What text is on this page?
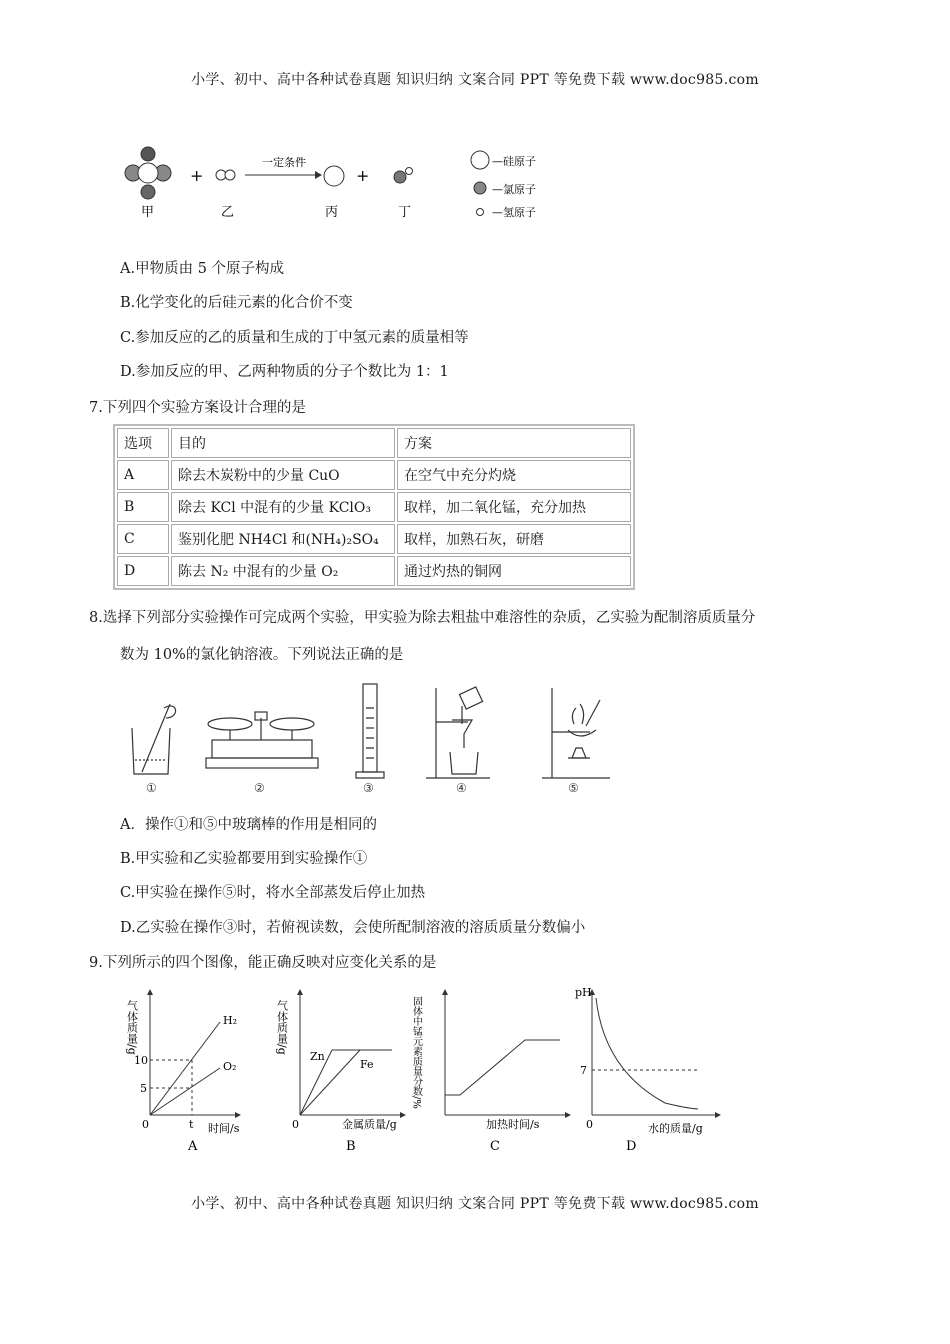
小学、初中、高中各种试卷真题 知识归纳 文案合同 PPT 等免费下载 www.doc985.com
+
一定条件
+
甲	乙	丙	丁
—硅原子
—氯原子
—氢原子
A.甲物质由 5 个原子构成
B.化学变化的后硅元素的化合价不变
C.参加反应的乙的质量和生成的丁中氢元素的质量相等
D.参加反应的甲、乙两种物质的分子个数比为 1：1
7.下列四个实验方案设计合理的是
选项	目的	方案
A	除去木炭粉中的少量 CuO	在空气中充分灼烧
B	除去 KCl 中混有的少量 KClO₃	取样，加二氧化锰，充分加热
C	鉴别化肥 NH4Cl 和(NH₄)₂SO₄	取样，加熟石灰，研磨
D	陈去 N₂ 中混有的少量 O₂	通过灼热的铜网
8.选择下列部分实验操作可完成两个实验，甲实验为除去粗盐中难溶性的杂质，乙实验为配制溶质质量分
数为 10%的氯化钠溶液。下列说法正确的是
①	②	③	④	⑤
A．操作①和⑤中玻璃棒的作用是相同的
B.甲实验和乙实验都要用到实验操作①
C.甲实验在操作⑤时，将水全部蒸发后停止加热
D.乙实验在操作③时，若俯视读数，会使所配制溶液的溶质质量分数偏小
9.下列所示的四个图像，能正确反映对应变化关系的是
气体质量/g	H₂
O₂
10
5
t
0	时间/s
A
气体质量/g
Zn
Fe
0	金属质量/g
B
固体中锰元素质量分数/%
加热时间/s
C
pH
7
0	水的质量/g
D
小学、初中、高中各种试卷真题 知识归纳 文案合同 PPT 等免费下载 www.doc985.com
